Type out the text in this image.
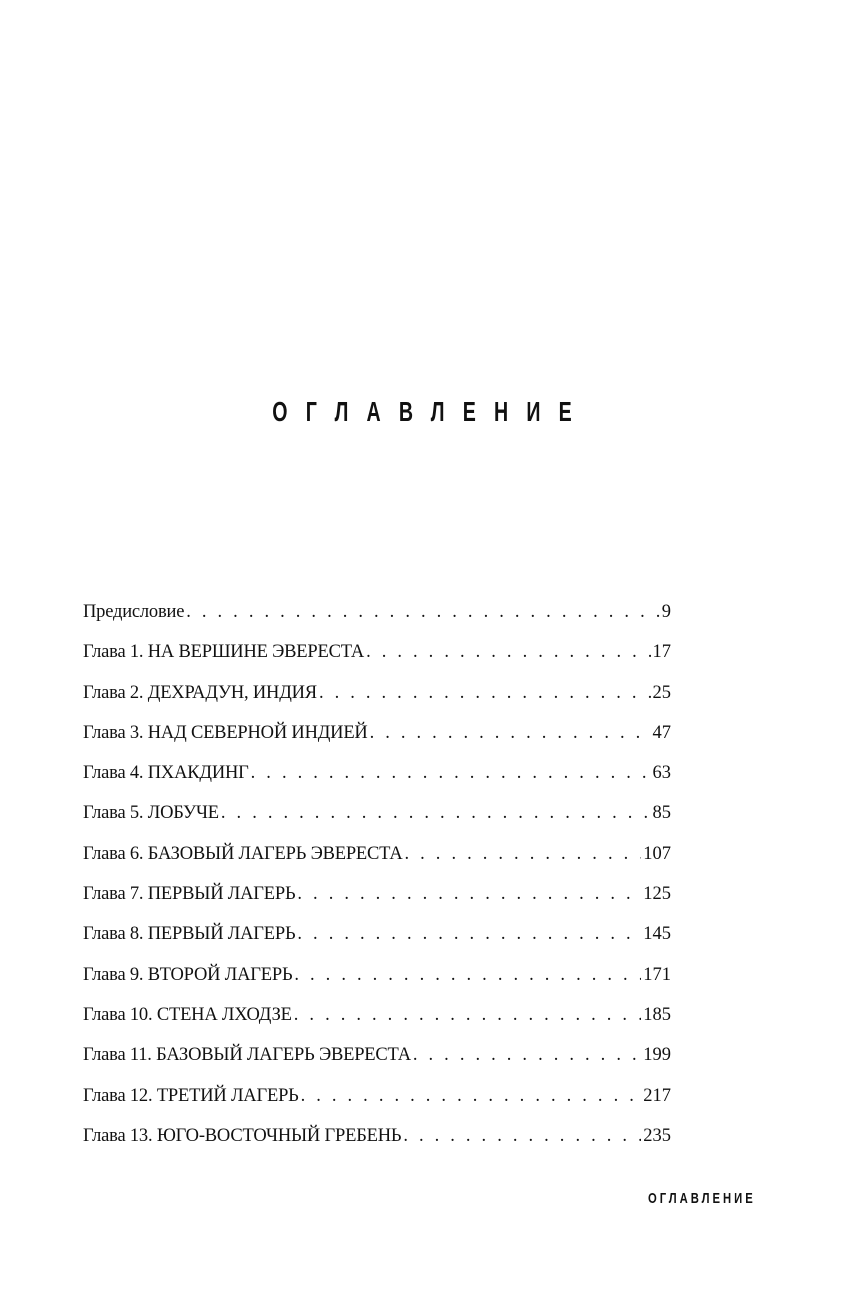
ОГЛАВЛЕНИЕ
Предисловие . . .	9
Глава 1. НА ВЕРШИНЕ ЭВЕРЕСТА . . .	17
Глава 2. ДЕХРАДУН, ИНДИЯ . . .	25
Глава 3. НАД СЕВЕРНОЙ ИНДИЕЙ . . .	47
Глава 4. ПХАКДИНГ . . .	63
Глава 5. ЛОБУЧЕ . . .	85
Глава 6. БАЗОВЫЙ ЛАГЕРЬ ЭВЕРЕСТА . . .	107
Глава 7. ПЕРВЫЙ ЛАГЕРЬ . . .	125
Глава 8. ПЕРВЫЙ ЛАГЕРЬ . . .	145
Глава 9. ВТОРОЙ ЛАГЕРЬ . . .	171
Глава 10. СТЕНА ЛХОДЗЕ . . .	185
Глава 11. БАЗОВЫЙ ЛАГЕРЬ ЭВЕРЕСТА . . .	199
Глава 12. ТРЕТИЙ ЛАГЕРЬ . . .	217
Глава 13. ЮГО-ВОСТОЧНЫЙ ГРЕБЕНЬ . . .	235
ОГЛАВЛЕНИЕ
